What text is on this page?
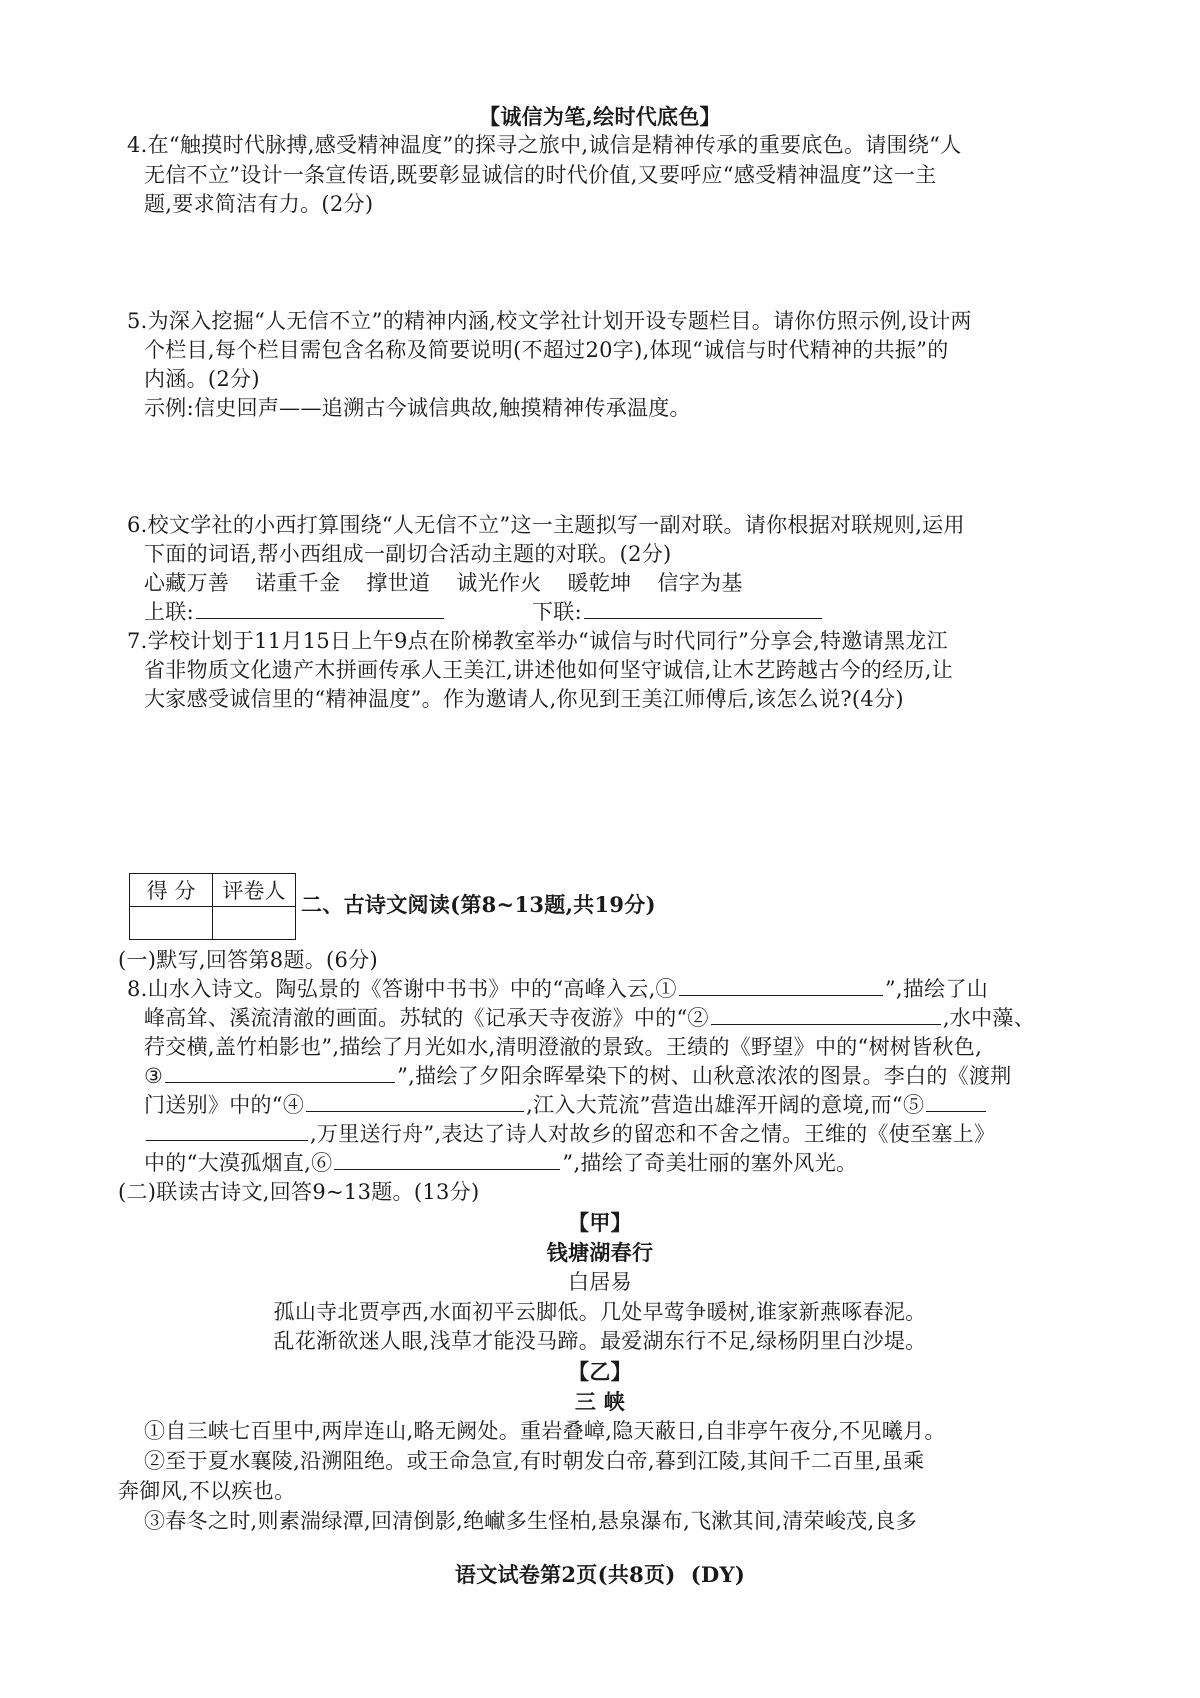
【诚信为笔,绘时代底色】
4.在“触摸时代脉搏,感受精神温度”的探寻之旅中,诚信是精神传承的重要底色。请围绕“人
无信不立”设计一条宣传语,既要彰显诚信的时代价值,又要呼应“感受精神温度”这一主
题,要求简洁有力。(2分)
5.为深入挖掘“人无信不立”的精神内涵,校文学社计划开设专题栏目。请你仿照示例,设计两
个栏目,每个栏目需包含名称及简要说明(不超过20字),体现“诚信与时代精神的共振”的
内涵。(2分)
示例:信史回声——追溯古今诚信典故,触摸精神传承温度。
6.校文学社的小西打算围绕“人无信不立”这一主题拟写一副对联。请你根据对联规则,运用
下面的词语,帮小西组成一副切合活动主题的对联。(2分)
心藏万善 诺重千金 撑世道 诚光作火 暖乾坤 信字为基
上联:	下联:
7.学校计划于11月15日上午9点在阶梯教室举办“诚信与时代同行”分享会,特邀请黑龙江
省非物质文化遗产木拼画传承人王美江,讲述他如何坚守诚信,让木艺跨越古今的经历,让
大家感受诚信里的“精神温度”。作为邀请人,你见到王美江师傅后,该怎么说?(4分)
得 分	评卷人

二、古诗文阅读(第8~13题,共19分)
(一)默写,回答第8题。(6分)
8.山水入诗文。陶弘景的《答谢中书书》中的“高峰入云,①	”,描绘了山
峰高耸、溪流清澈的画面。苏轼的《记承天寺夜游》中的“②	,水中藻、
荇交横,盖竹柏影也”,描绘了月光如水,清明澄澈的景致。王绩的《野望》中的“树树皆秋色,
③	”,描绘了夕阳余晖晕染下的树、山秋意浓浓的图景。李白的《渡荆
门送别》中的“④	,江入大荒流”营造出雄浑开阔的意境,而“⑤
,万里送行舟”,表达了诗人对故乡的留恋和不舍之情。王维的《使至塞上》
中的“大漠孤烟直,⑥	”,描绘了奇美壮丽的塞外风光。
(二)联读古诗文,回答9~13题。(13分)
【甲】
钱塘湖春行
白居易
孤山寺北贾亭西,水面初平云脚低。几处早莺争暖树,谁家新燕啄春泥。
乱花渐欲迷人眼,浅草才能没马蹄。最爱湖东行不足,绿杨阴里白沙堤。
【乙】
三 峡
①自三峡七百里中,两岸连山,略无阙处。重岩叠嶂,隐天蔽日,自非亭午夜分,不见曦月。
②至于夏水襄陵,沿溯阻绝。或王命急宣,有时朝发白帝,暮到江陵,其间千二百里,虽乘
奔御风,不以疾也。
③春冬之时,则素湍绿潭,回清倒影,绝𪩘多生怪柏,悬泉瀑布,飞漱其间,清荣峻茂,良多
语文试卷第2页(共8页)  (DY)
